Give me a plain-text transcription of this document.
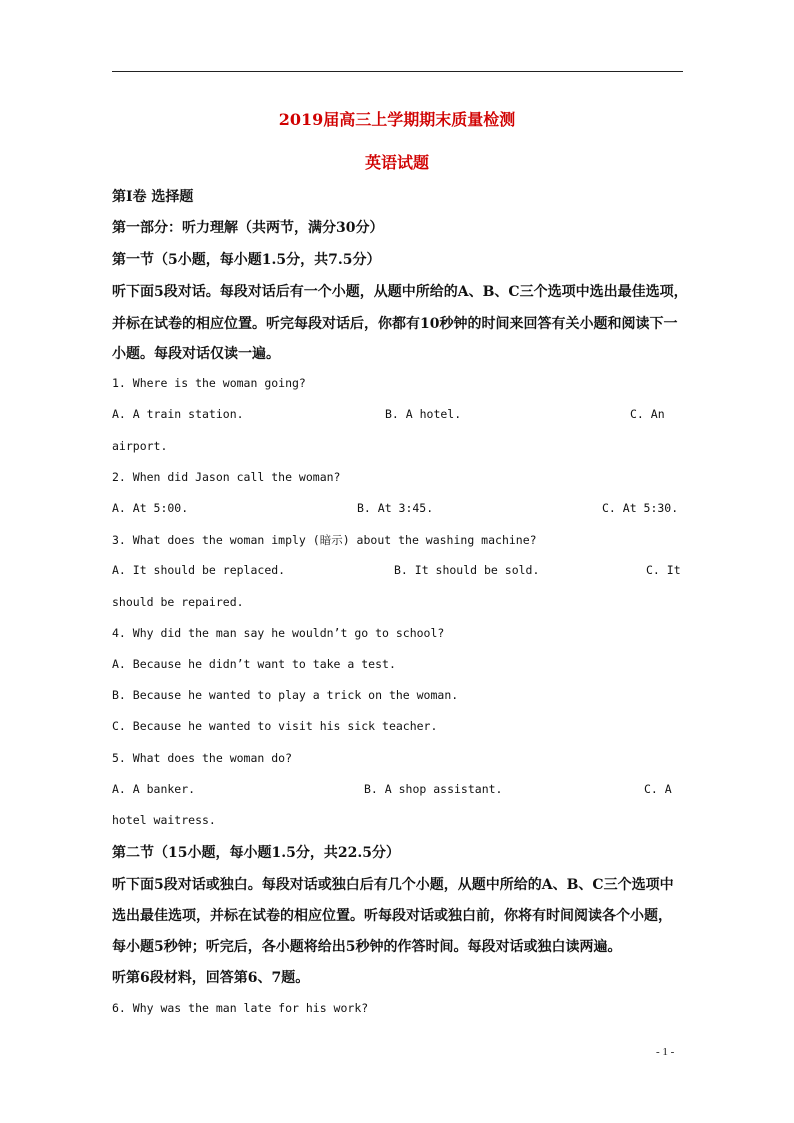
2019届高三上学期期末质量检测
英语试题
第Ⅰ卷 选择题
第一部分：听力理解（共两节，满分30分）
第一节（5小题，每小题1.5分，共7.5分）
听下面5段对话。每段对话后有一个小题，从题中所给的A、B、C三个选项中选出最佳选项，
并标在试卷的相应位置。听完每段对话后，你都有10秒钟的时间来回答有关小题和阅读下一
小题。每段对话仅读一遍。
1. Where is the woman going?
A. A train station.	B. A hotel.	C. An
airport.
2. When did Jason call the woman?
A. At 5:00.	B. At 3:45.	C. At 5:30.
3. What does the woman imply (暗示) about the washing machine?
A. It should be replaced.	B. It should be sold.	C. It
should be repaired.
4. Why did the man say he wouldn’t go to school?
A. Because he didn’t want to take a test.
B. Because he wanted to play a trick on the woman.
C. Because he wanted to visit his sick teacher.
5. What does the woman do?
A. A banker.	B. A shop assistant.	C. A
hotel waitress.
第二节（15小题，每小题1.5分，共22.5分）
听下面5段对话或独白。每段对话或独白后有几个小题，从题中所给的A、B、C三个选项中
选出最佳选项，并标在试卷的相应位置。听每段对话或独白前，你将有时间阅读各个小题，
每小题5秒钟；听完后，各小题将给出5秒钟的作答时间。每段对话或独白读两遍。
听第6段材料，回答第6、7题。
6. Why was the man late for his work?
- 1 -
